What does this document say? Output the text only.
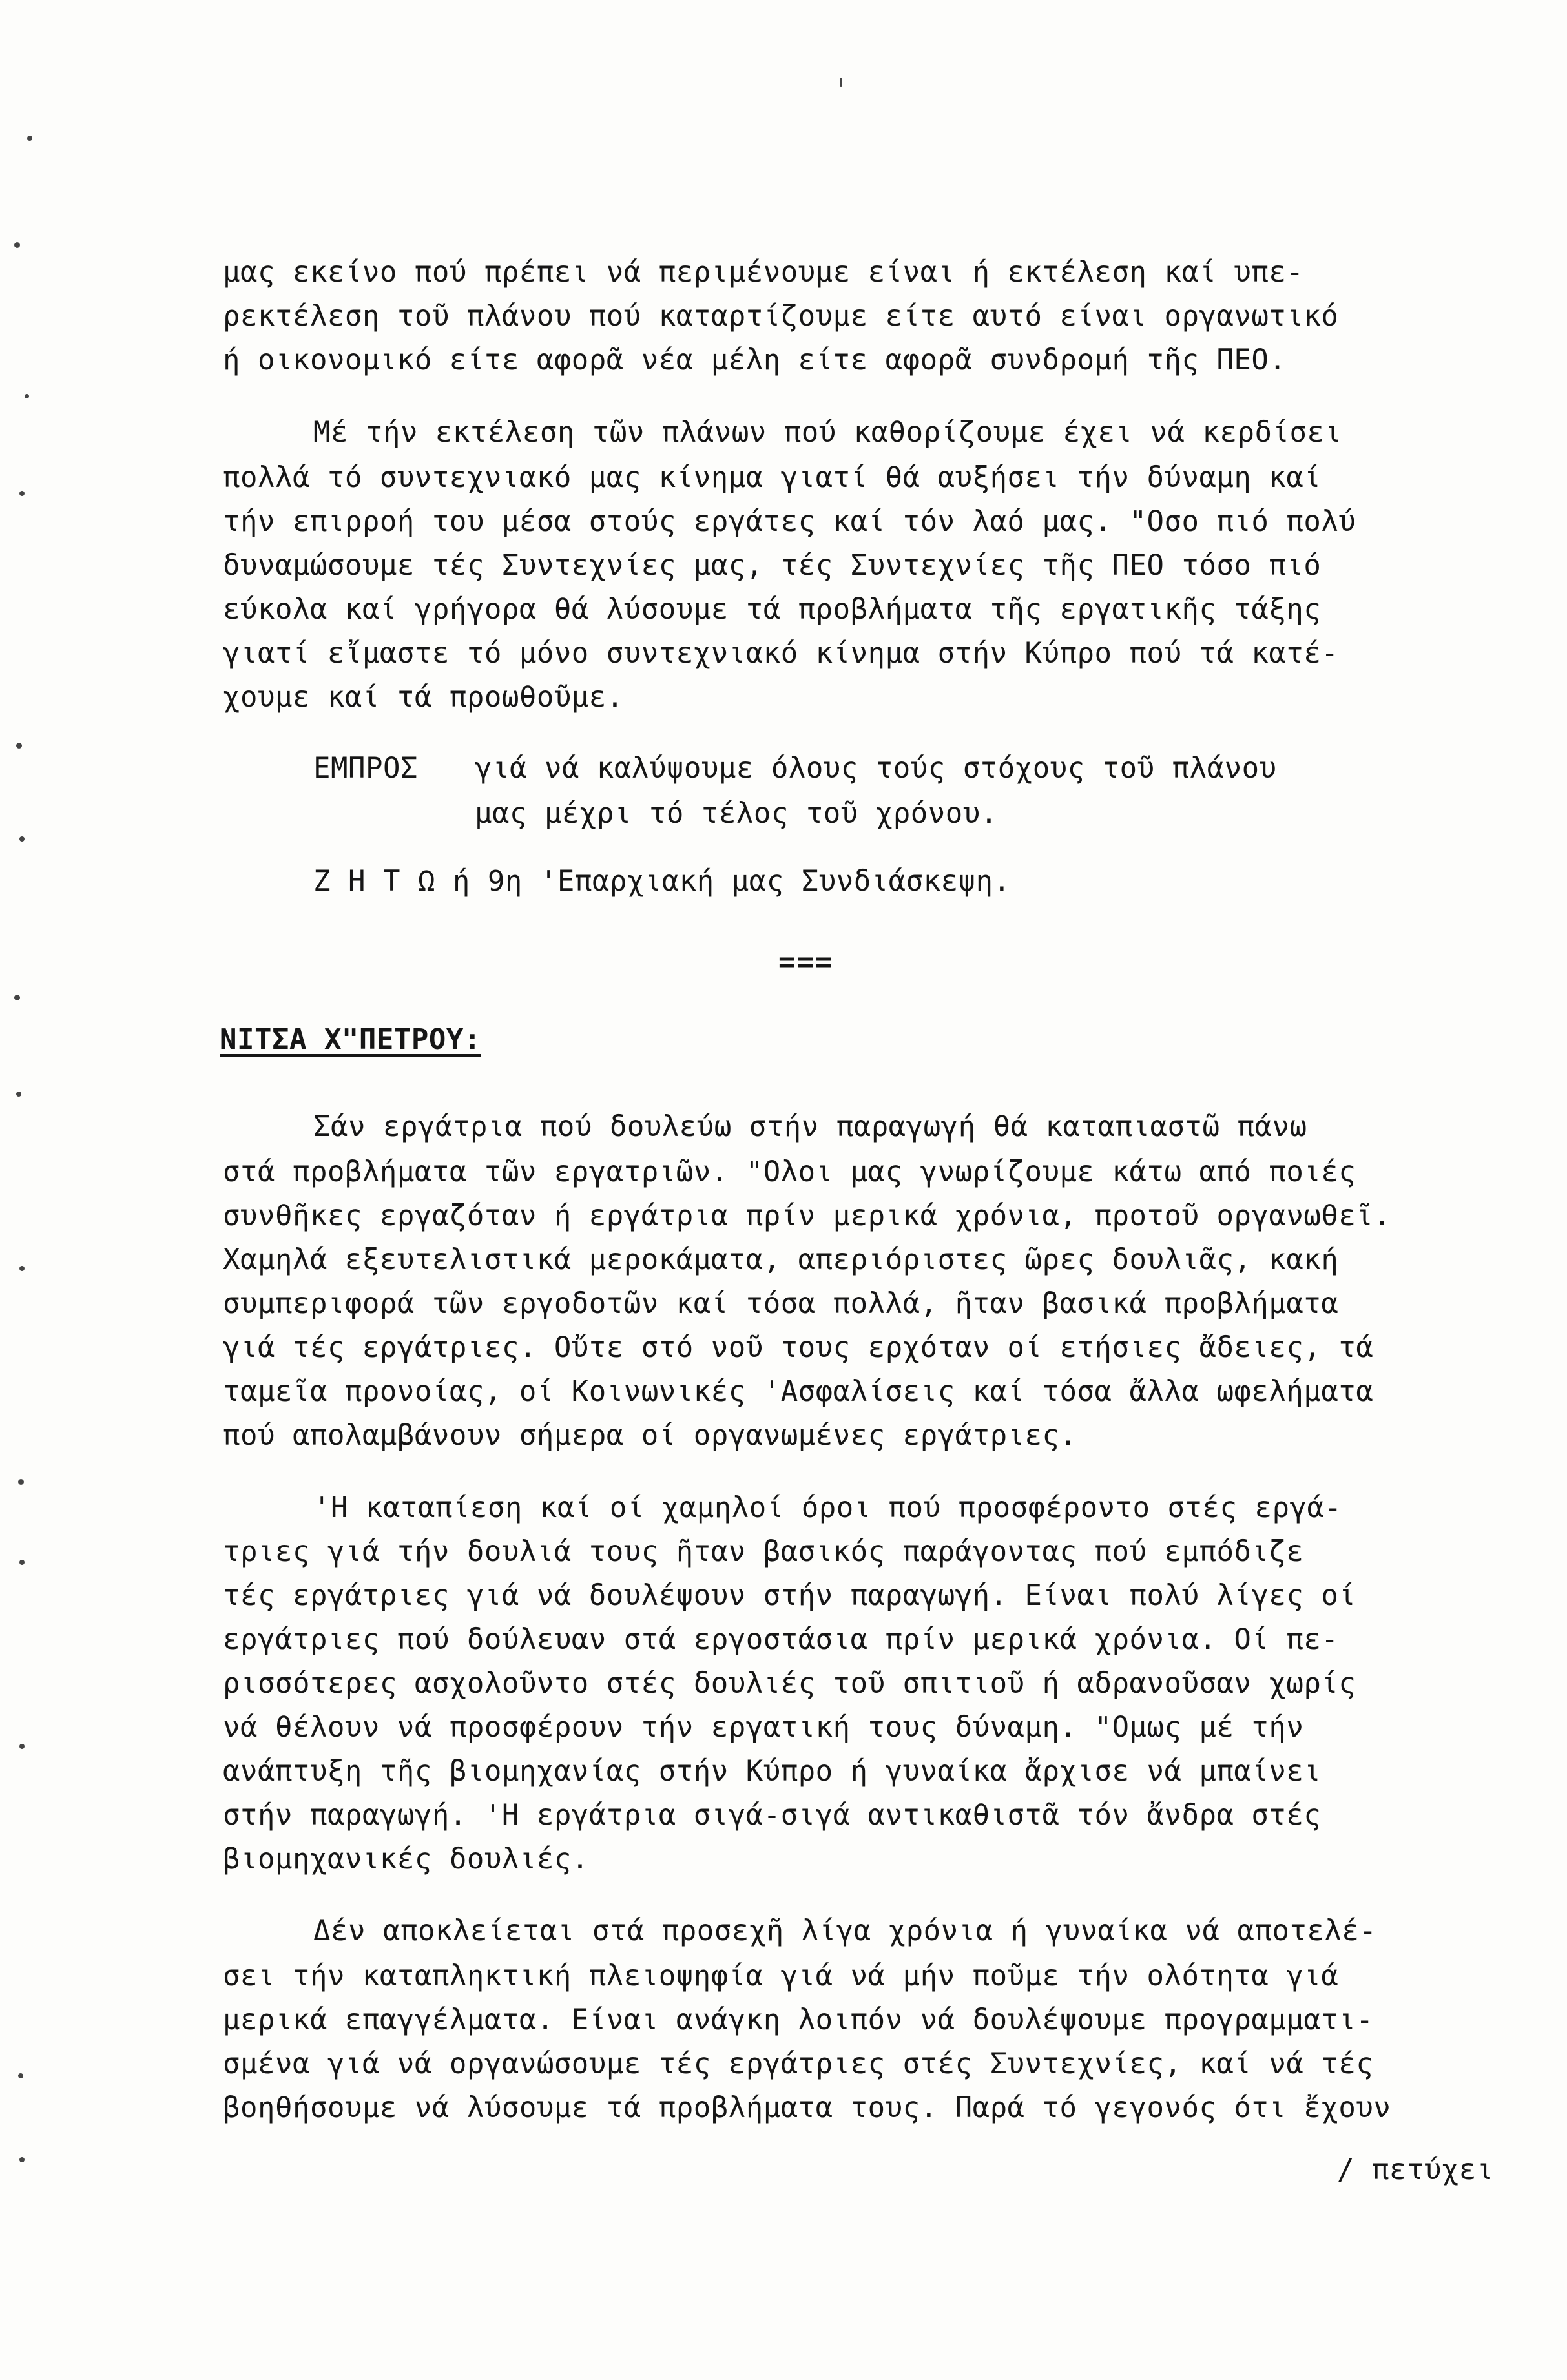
μας εκείνο πού πρέπει νά περιμένουμε είναι ή εκτέλεση καί υπε-
ρεκτέλεση τοῦ πλάνου πού καταρτίζουμε είτε αυτό είναι οργανωτικό
ή οικονομικό είτε αφορᾶ νέα μέλη είτε αφορᾶ συνδρομή τῆς ΠΕΟ.
Μέ τήν εκτέλεση τῶν πλάνων πού καθορίζουμε έχει νά κερδίσει
πολλά τό συντεχνιακό μας κίνημα γιατί θά αυξήσει τήν δύναμη καί
τήν επιρροή του μέσα στούς εργάτες καί τόν λαό μας. "Οσο πιό πολύ
δυναμώσουμε τές Συντεχνίες μας, τές Συντεχνίες τῆς ΠΕΟ τόσο πιό
εύκολα καί γρήγορα θά λύσουμε τά προβλήματα τῆς εργατικῆς τάξης
γιατί εἴμαστε τό μόνο συντεχνιακό κίνημα στήν Κύπρο πού τά κατέ-
χουμε καί τά προωθοῦμε.
ΕΜΠΡΟΣ γιά νά καλύψουμε όλους τούς στόχους τοῦ πλάνου
μας μέχρι τό τέλος τοῦ χρόνου.
Ζ Η Τ Ω ή 9η 'Επαρχιακή μας Συνδιάσκεψη.
===
ΝΙΤΣΑ Χ"ΠΕΤΡΟΥ:
Σάν εργάτρια πού δουλεύω στήν παραγωγή θά καταπιαστῶ πάνω
στά προβλήματα τῶν εργατριῶν. "Ολοι μας γνωρίζουμε κάτω από ποιές
συνθῆκες εργαζόταν ή εργάτρια πρίν μερικά χρόνια, προτοῦ οργανωθεῖ.
Χαμηλά εξευτελιστικά μεροκάματα, απεριόριστες ῶρες δουλιᾶς, κακή
συμπεριφορά τῶν εργοδοτῶν καί τόσα πολλά, ῆταν βασικά προβλήματα
γιά τές εργάτριες. Οὔτε στό νοῦ τους ερχόταν οί ετήσιες ἄδειες, τά
ταμεῖα προνοίας, οί Κοινωνικές 'Ασφαλίσεις καί τόσα ἄλλα ωφελήματα
πού απολαμβάνουν σήμερα οί οργανωμένες εργάτριες.
'Η καταπίεση καί οί χαμηλοί όροι πού προσφέροντο στές εργά-
τριες γιά τήν δουλιά τους ῆταν βασικός παράγοντας πού εμπόδιζε
τές εργάτριες γιά νά δουλέψουν στήν παραγωγή. Είναι πολύ λίγες οί
εργάτριες πού δούλευαν στά εργοστάσια πρίν μερικά χρόνια. Οί πε-
ρισσότερες ασχολοῦντο στές δουλιές τοῦ σπιτιοῦ ή αδρανοῦσαν χωρίς
νά θέλουν νά προσφέρουν τήν εργατική τους δύναμη. "Ομως μέ τήν
ανάπτυξη τῆς βιομηχανίας στήν Κύπρο ή γυναίκα ἄρχισε νά μπαίνει
στήν παραγωγή. 'Η εργάτρια σιγά-σιγά αντικαθιστᾶ τόν ἄνδρα στές
βιομηχανικές δουλιές.
Δέν αποκλείεται στά προσεχῆ λίγα χρόνια ή γυναίκα νά αποτελέ-
σει τήν καταπληκτική πλειοψηφία γιά νά μήν ποῦμε τήν ολότητα γιά
μερικά επαγγέλματα. Είναι ανάγκη λοιπόν νά δουλέψουμε προγραμματι-
σμένα γιά νά οργανώσουμε τές εργάτριες στές Συντεχνίες, καί νά τές
βοηθήσουμε νά λύσουμε τά προβλήματα τους. Παρά τό γεγονός ότι ἔχουν
/ πετύχει
